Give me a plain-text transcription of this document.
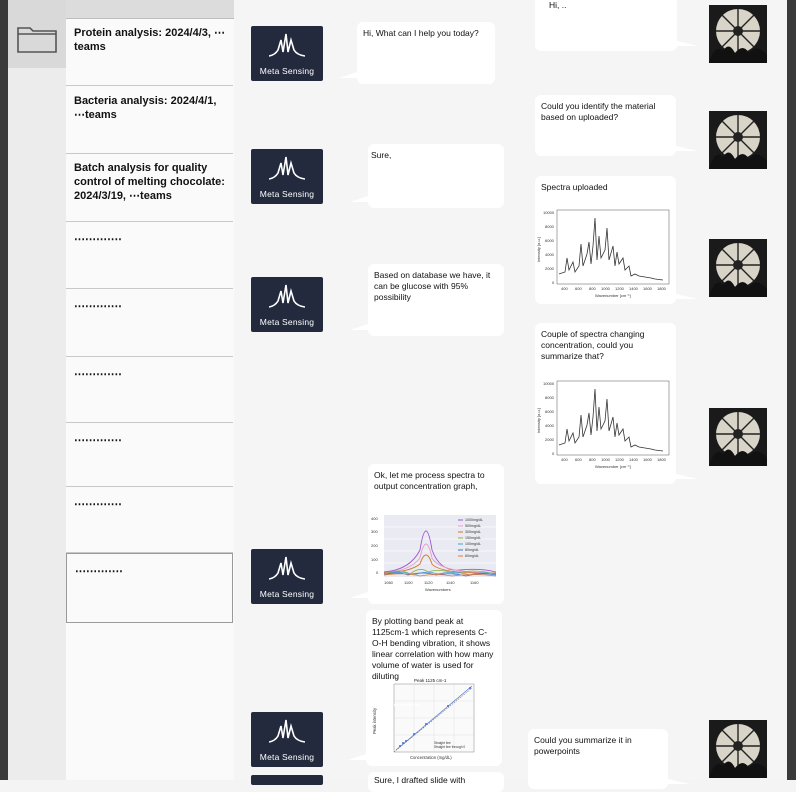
Protein analysis: 2024/4/3, ⋯teams
Bacteria analysis: 2024/4/1, ⋯teams
Batch analysis for quality control of melting chocolate: 2024/3/19, ⋯teams
․․․․․․․․․․․․․
․․․․․․․․․․․․․
․․․․․․․․․․․․․
․․․․․․․․․․․․․
․․․․․․․․․․․․․
․․․․․․․․․․․․․
Meta Sensing
Meta Sensing
Meta Sensing
Meta Sensing
Meta Sensing
Hi, What can I help you today?
Sure,
Based on database we have, it can be glucose with 95% possibility
Ok, let me process spectra to output concentration graph,
400
300
200
100
0
1060	1100	1120	1140	1160
Wavenumbers
1000mg/dL
500mg/dL
300mg/dL
150mg/dL
100mg/dL
80mg/dL
60mg/dL
By plotting band peak at 1125cm-1 which represents C-O-H bending vibration, it shows linear correlation with how many volume of water is used for diluting	Peak 1125 cm-1
Peak intensity
Concentration (mg/dL)
Straight line
Straight line through 0
Sure, I drafted slide with
Hi, ..
Could you identify the material based on uploaded?
Spectra uploaded
10000
8000
6000
4000
2000
0
400 600 800 1000 1200 1400 1600 1800
Wavenumber [cm⁻¹]
Intensity [a.u.]
Couple of spectra changing concentration, could you summarize that?
10000
8000
6000
4000
2000
0
400 600 800 1000 1200 1400 1600 1800
Wavenumber [cm⁻¹]
Intensity [a.u.]
Could you summarize it in powerpoints
